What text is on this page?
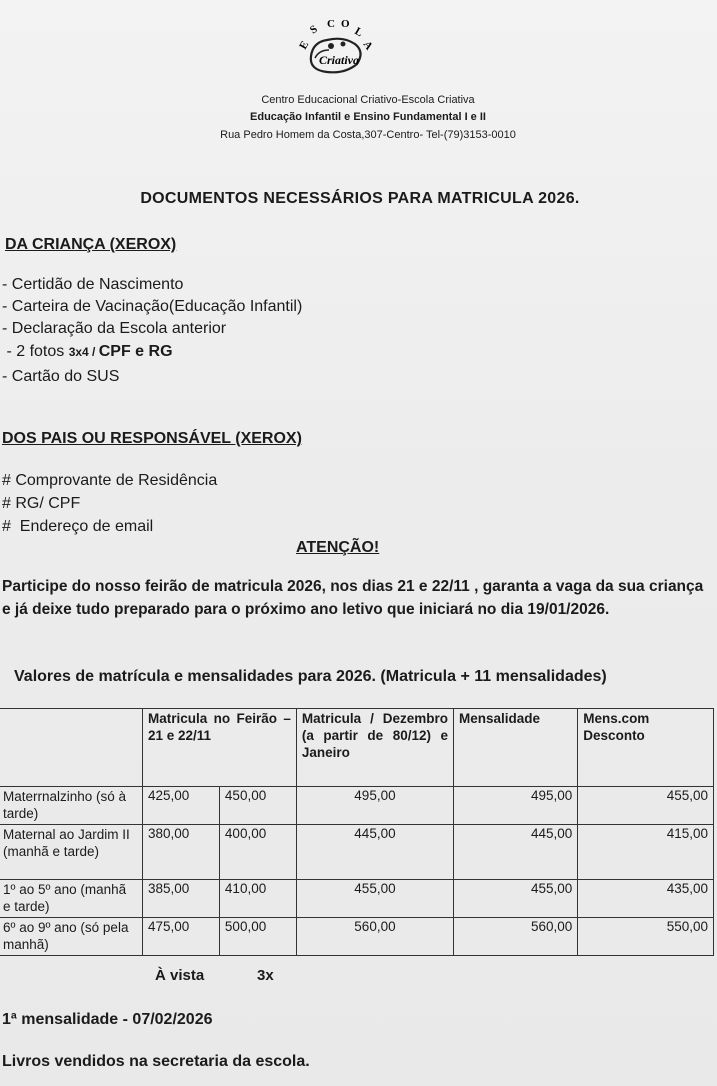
E
S C O
L
A
Criativa
Centro Educacional Criativo-Escola Criativa
Educação Infantil e Ensino Fundamental I e II
Rua Pedro Homem da Costa,307-Centro- Tel-(79)3153-0010
DOCUMENTOS NECESSÁRIOS PARA MATRICULA 2026.
DA CRIANÇA (XEROX)
- Certidão de Nascimento
- Carteira de Vacinação(Educação Infantil)
- Declaração da Escola anterior
- 2 fotos 3x4 / CPF e RG
- Cartão do SUS
DOS PAIS OU RESPONSÁVEL (XEROX)
# Comprovante de Residência
# RG/ CPF
#  Endereço de email
ATENÇÃO!
Participe do nosso feirão de matricula 2026, nos dias 21 e 22/11 , garanta a vaga da sua criança e já deixe tudo preparado para o próximo ano letivo que iniciará no dia 19/01/2026.
Valores de matrícula e mensalidades para 2026. (Matricula + 11 mensalidades)
	Matricula no Feirão – 21 e 22/11		Matricula / Dezembro (a partir de 80/12) e Janeiro	Mensalidade	Mens.com Desconto
Materrnalzinho (só à tarde)	425,00	450,00	495,00	495,00	455,00
Maternal ao Jardim II (manhã e tarde)	380,00	400,00	445,00	445,00	415,00
1º ao 5º ano (manhã e tarde)	385,00	410,00	455,00	455,00	435,00
6º ao 9º ano (só pela manhã)	475,00	500,00	560,00	560,00	550,00
À vista	3x
1ª mensalidade - 07/02/2026
Livros vendidos na secretaria da escola.
